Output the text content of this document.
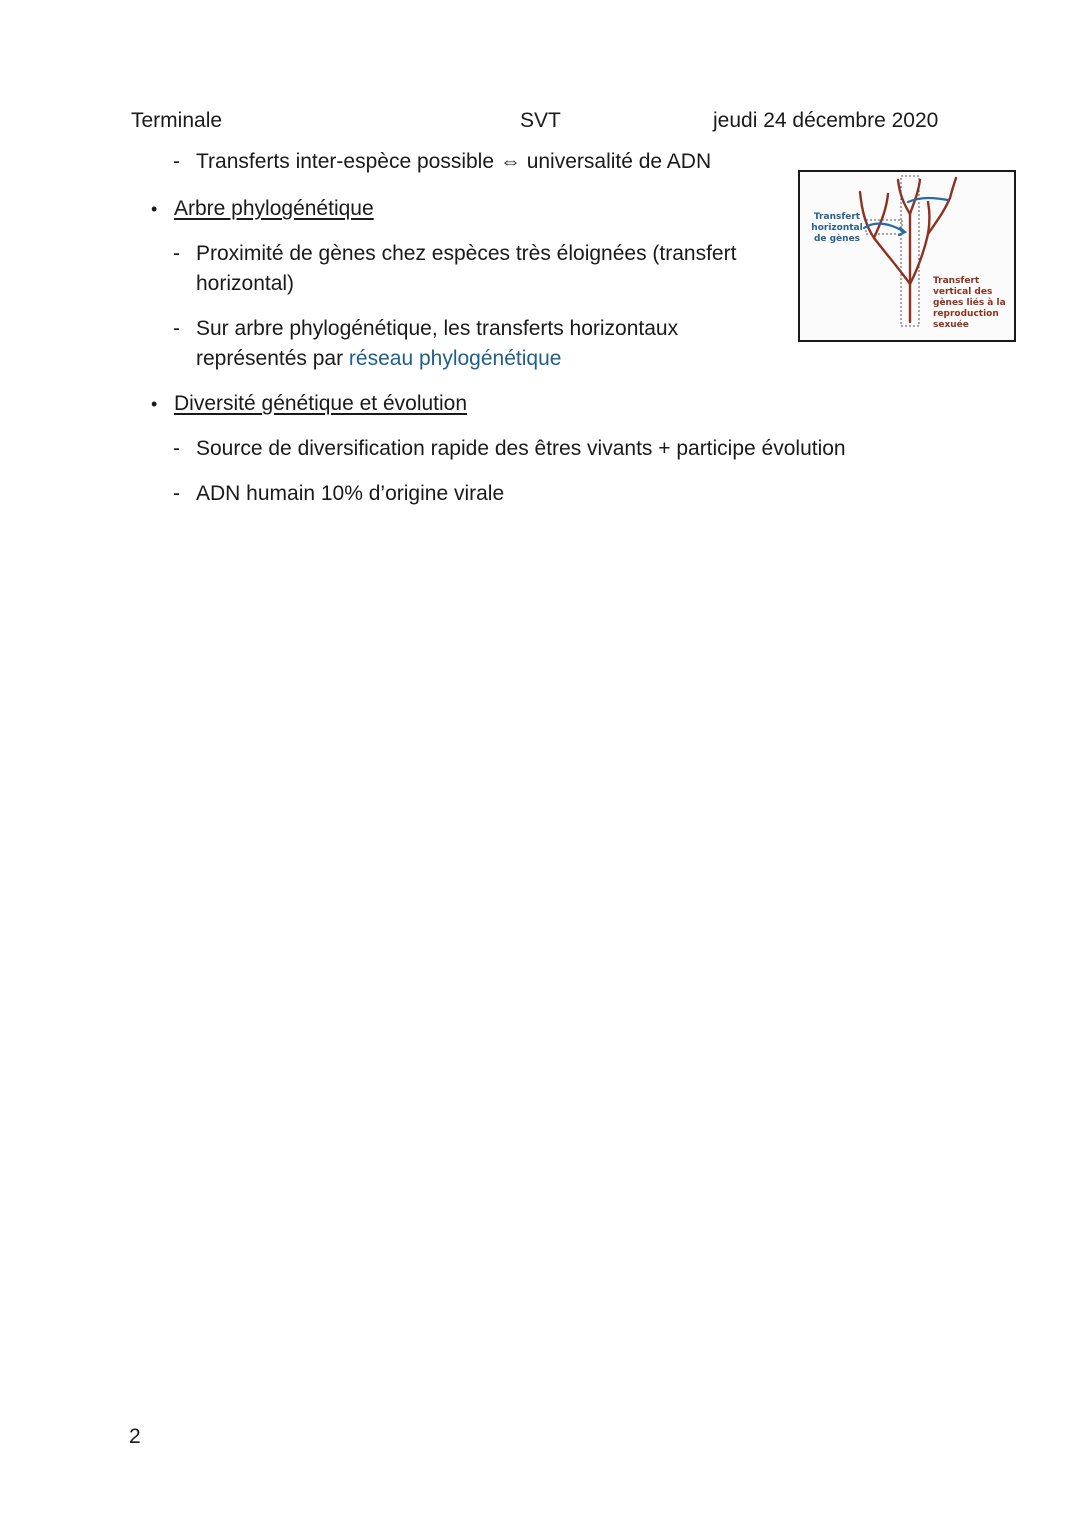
Terminale	SVT	jeudi 24 décembre 2020
- Transferts inter-espèce possible ⇔ universalité de ADN
• Arbre phylogénétique
- Proximité de gènes chez espèces très éloignées (transfert
horizontal)
- Sur arbre phylogénétique, les transferts horizontaux
représentés par réseau phylogénétique
• Diversité génétique et évolution
- Source de diversification rapide des êtres vivants + participe évolution
- ADN humain 10% d’origine virale
Transfert horizontal de gènes
Transfert vertical des gènes liés à la reproduction sexuée
2
